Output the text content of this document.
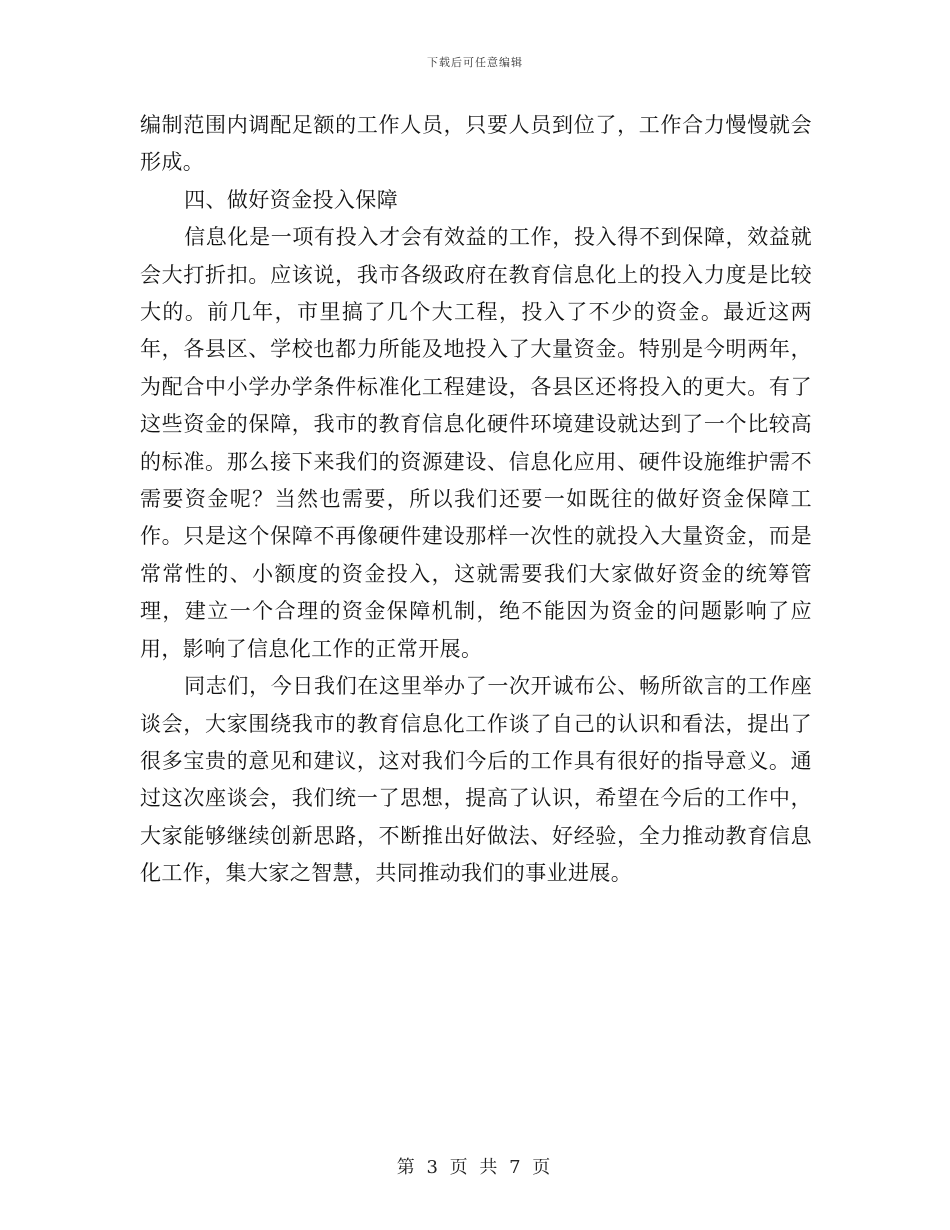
下载后可任意编辑

编制范围内调配足额的工作人员，只要人员到位了，工作合力慢慢就会形成。

四、做好资金投入保障

信息化是一项有投入才会有效益的工作，投入得不到保障，效益就会大打折扣。应该说，我市各级政府在教育信息化上的投入力度是比较大的。前几年，市里搞了几个大工程，投入了不少的资金。最近这两年，各县区、学校也都力所能及地投入了大量资金。特别是今明两年，为配合中小学办学条件标准化工程建设，各县区还将投入的更大。有了这些资金的保障，我市的教育信息化硬件环境建设就达到了一个比较高的标准。那么接下来我们的资源建设、信息化应用、硬件设施维护需不需要资金呢？当然也需要，所以我们还要一如既往的做好资金保障工作。只是这个保障不再像硬件建设那样一次性的就投入大量资金，而是常常性的、小额度的资金投入，这就需要我们大家做好资金的统筹管理，建立一个合理的资金保障机制，绝不能因为资金的问题影响了应用，影响了信息化工作的正常开展。

同志们，今日我们在这里举办了一次开诚布公、畅所欲言的工作座谈会，大家围绕我市的教育信息化工作谈了自己的认识和看法，提出了很多宝贵的意见和建议，这对我们今后的工作具有很好的指导意义。通过这次座谈会，我们统一了思想，提高了认识，希望在今后的工作中，大家能够继续创新思路，不断推出好做法、好经验，全力推动教育信息化工作，集大家之智慧，共同推动我们的事业进展。

第 3 页 共 7 页
